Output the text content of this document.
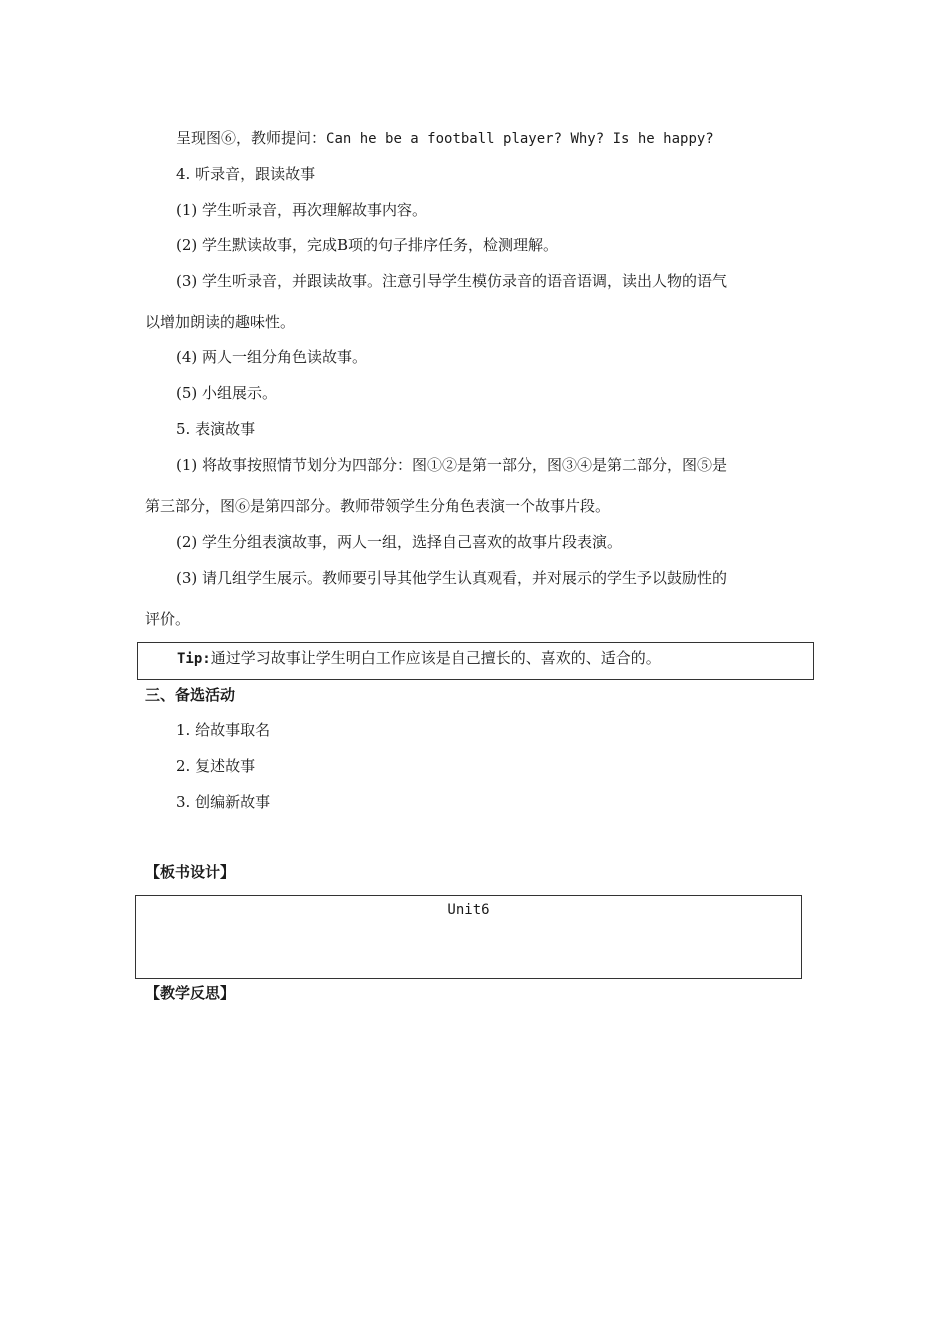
呈现图⑥，教师提问：Can he be a football player? Why? Is he happy?
4. 听录音，跟读故事
(1) 学生听录音，再次理解故事内容。
(2) 学生默读故事，完成B项的句子排序任务，检测理解。
(3) 学生听录音，并跟读故事。注意引导学生模仿录音的语音语调，读出人物的语气
以增加朗读的趣味性。
(4) 两人一组分角色读故事。
(5) 小组展示。
5. 表演故事
(1) 将故事按照情节划分为四部分：图①②是第一部分，图③④是第二部分，图⑤是
第三部分，图⑥是第四部分。教师带领学生分角色表演一个故事片段。
(2) 学生分组表演故事，两人一组，选择自己喜欢的故事片段表演。
(3) 请几组学生展示。教师要引导其他学生认真观看，并对展示的学生予以鼓励性的
评价。
Tip:通过学习故事让学生明白工作应该是自己擅长的、喜欢的、适合的。
三、备选活动
1. 给故事取名
2. 复述故事
3. 创编新故事
【板书设计】
Unit6
【教学反思】
